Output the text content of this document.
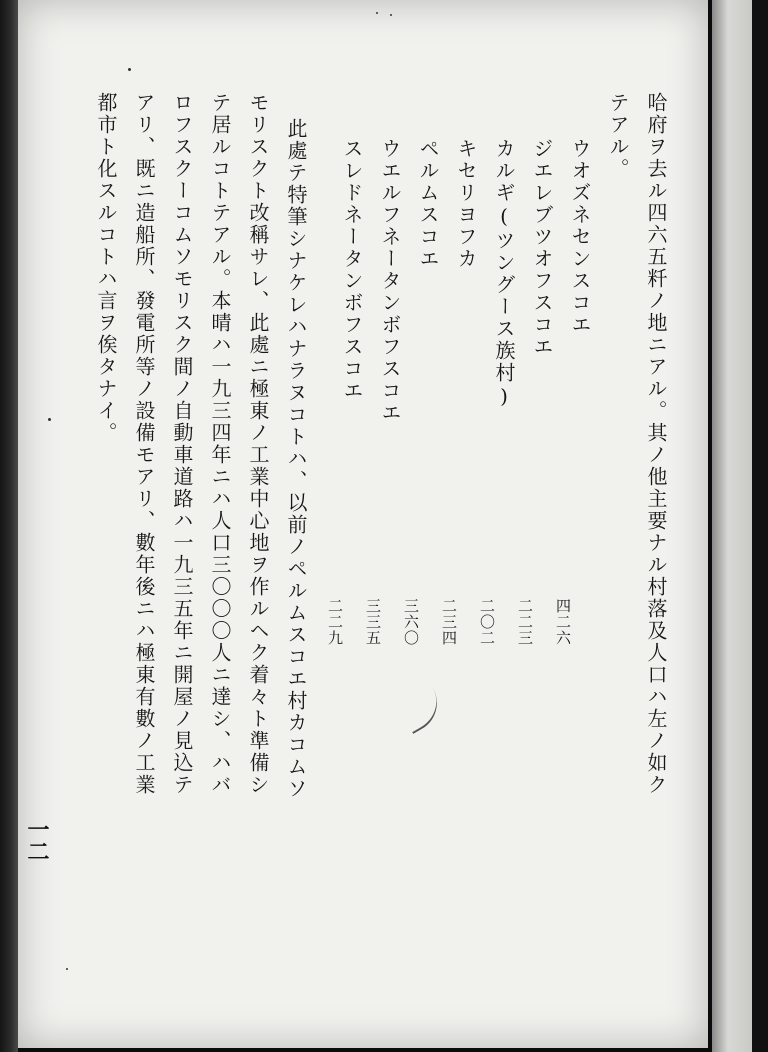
哈府ヲ去ル四六五粁ノ地ニアル。其ノ他主要ナル村落及人口ハ左ノ如ク
テアル。
ウオズネセンスコエ
ジエレブツオフスコエ
カルギ(ツングース族村)
キセリヨフカ
ペルムスコエ
ウエルフネータンボフスコエ
スレドネータンボフスコエ
四二六
二二三
二〇二
二三四
三六〇
三三五
二二九
此處テ特筆シナケレハナラヌコトハ、以前ノペルムスコエ村カコムソ
モリスクト改稱サレ、此處ニ極東ノ工業中心地ヲ作ルヘク着々ト準備シ
テ居ルコトテアル。本晴ハ一九三四年ニハ人口三〇〇〇人ニ達シ、ハバ
ロフスクーコムソモリスク間ノ自動車道路ハ一九三五年ニ開屋ノ見込テ
アリ、既ニ造船所、發電所等ノ設備モアリ、數年後ニハ極東有數ノ工業
都市ト化スルコトハ言ヲ俟タナイ。
一二
